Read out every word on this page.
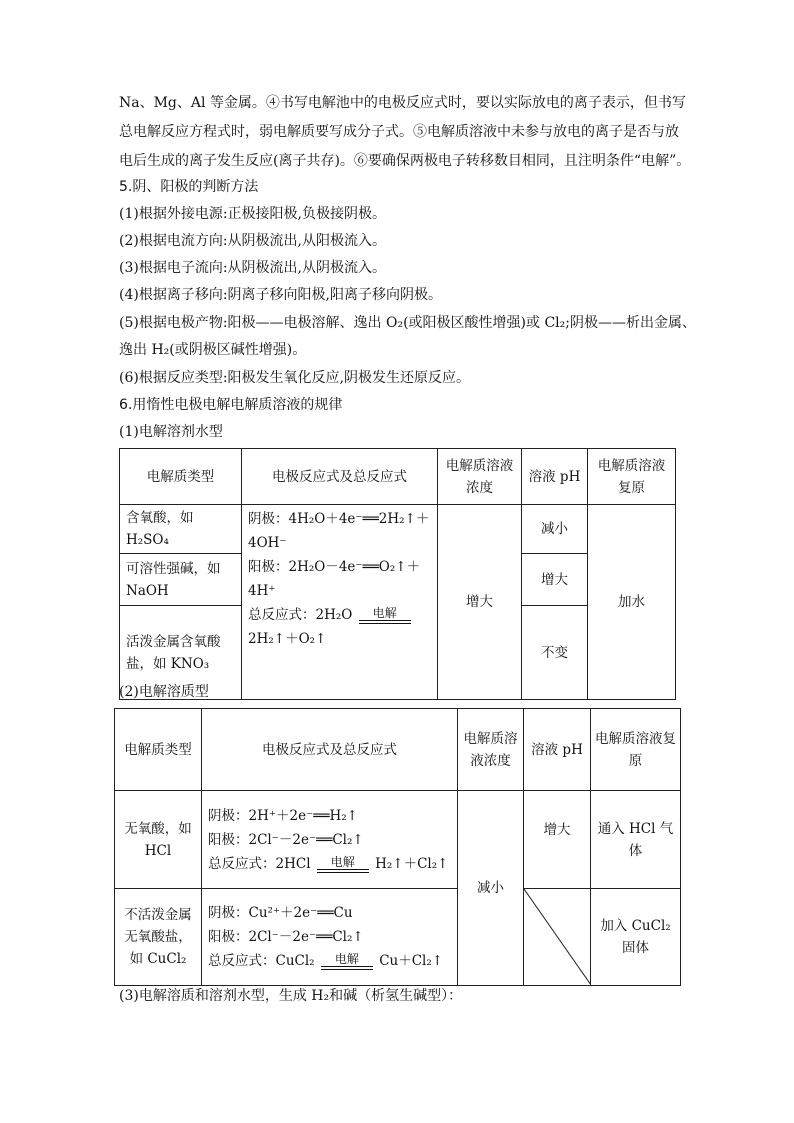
Na、Mg、Al 等金属。④书写电解池中的电极反应式时，要以实际放电的离子表示，但书写
总电解反应方程式时，弱电解质要写成分子式。⑤电解质溶液中未参与放电的离子是否与放
电后生成的离子发生反应(离子共存)。⑥要确保两极电子转移数目相同，且注明条件“电解”。
5.阴、阳极的判断方法
(1)根据外接电源:正极接阳极,负极接阴极。
(2)根据电流方向:从阴极流出,从阳极流入。
(3)根据电子流向:从阴极流出,从阴极流入。
(4)根据离子移向:阴离子移向阳极,阳离子移向阴极。
(5)根据电极产物:阳极——电极溶解、逸出 O₂(或阳极区酸性增强)或 Cl₂;阴极——析出金属、
逸出 H₂(或阴极区碱性增强)。
(6)根据反应类型:阳极发生氧化反应,阴极发生还原反应。
6.用惰性电极电解电解质溶液的规律
(1)电解溶剂水型
电解质类型	电极反应式及总反应式	电解质溶液浓度	溶液 pH	电解质溶液复原
含氧酸，如 H₂SO₄	阴极：4H₂O＋4e⁻══2H₂↑＋4OH⁻
阳极：2H₂O－4e⁻══O₂↑＋4H⁺
总反应式：2H₂O 电解
2H₂↑＋O₂↑	增大	减小	加水
可溶性强碱，如 NaOH			增大	
活泼金属含氧酸盐，如 KNO₃			不变	
(2)电解溶质型
电解质类型	电极反应式及总反应式	电解质溶液浓度	溶液 pH	电解质溶液复原
无氧酸，如 HCl	阴极：2H⁺＋2e⁻══H₂↑
阳极：2Cl⁻－2e⁻══Cl₂↑
总反应式：2HCl 电解 H₂↑＋Cl₂↑	减小	增大	通入 HCl 气体
不活泼金属无氧酸盐，如 CuCl₂	阴极：Cu²⁺＋2e⁻══Cu
阳极：2Cl⁻－2e⁻══Cl₂↑
总反应式：CuCl₂ 电解 Cu＋Cl₂↑			加入 CuCl₂ 固体
(3)电解溶质和溶剂水型，生成 H₂和碱（析氢生碱型）：
